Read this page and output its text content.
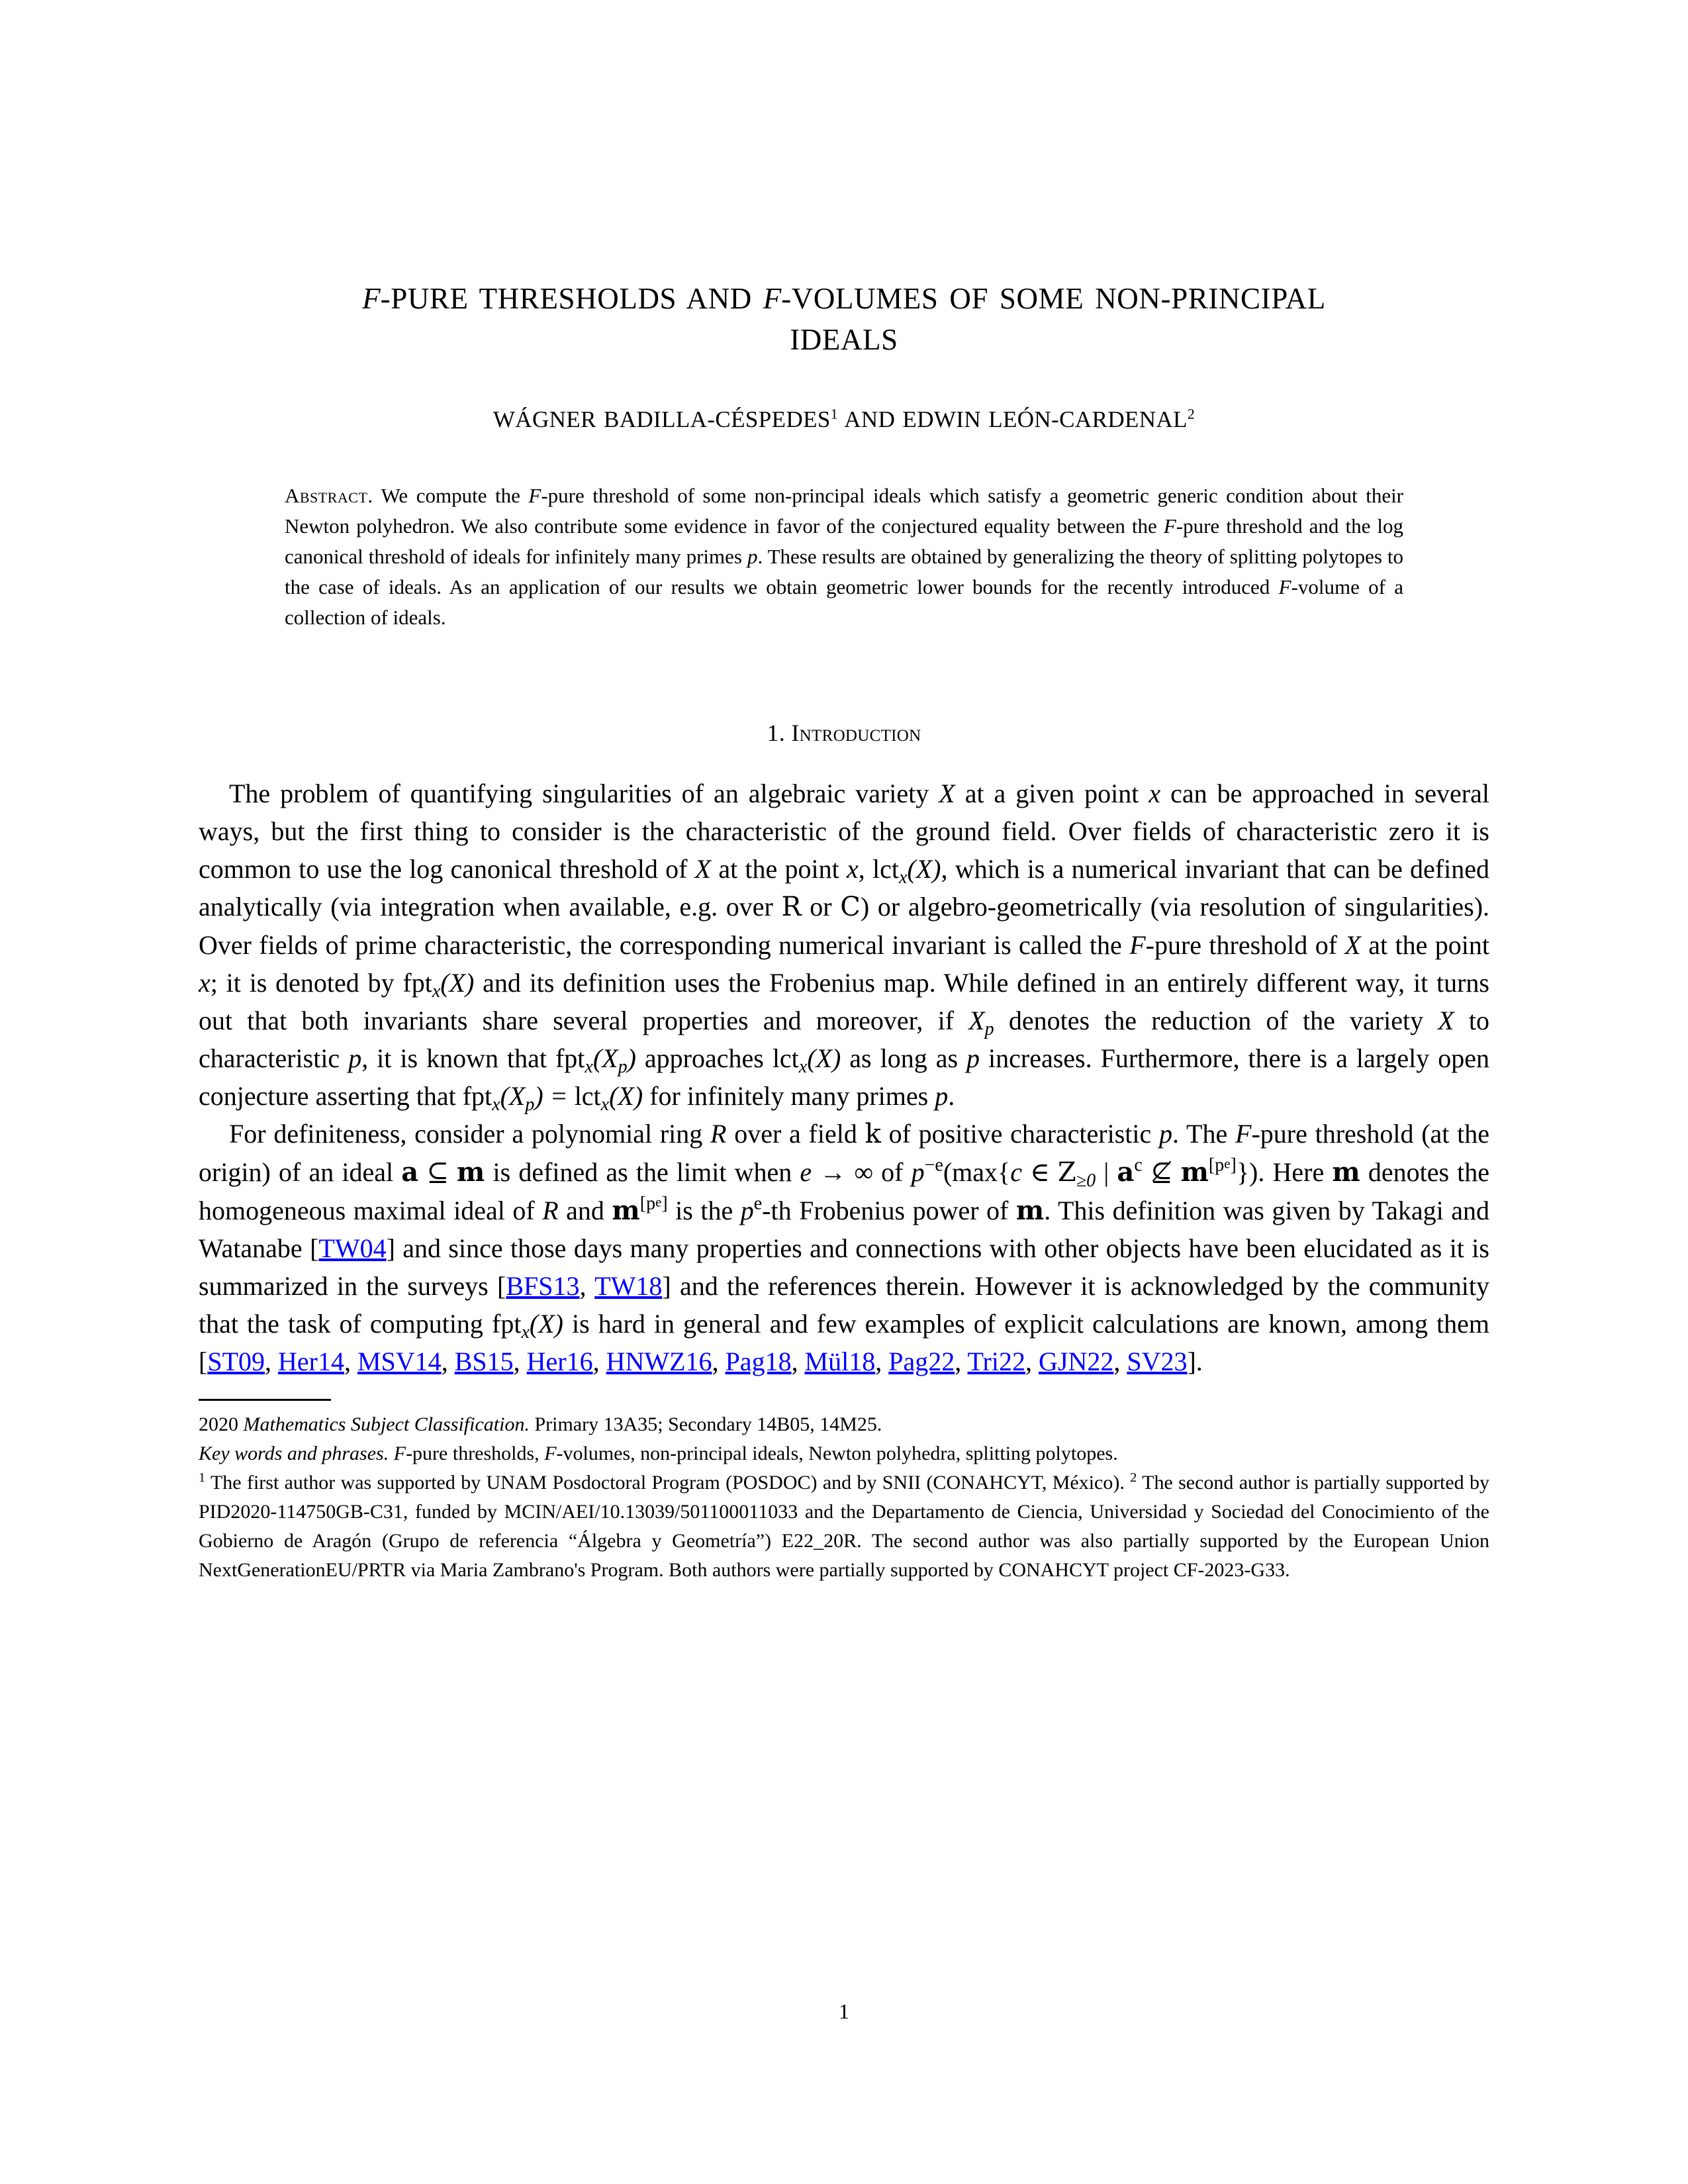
F-PURE THRESHOLDS AND F-VOLUMES OF SOME NON-PRINCIPAL
IDEALS
WÁGNER BADILLA-CÉSPEDES$^1$ AND EDWIN LEÓN-CARDENAL$^2$
Abstract. We compute the F-pure threshold of some non-principal ideals which satisfy a geometric generic condition about their Newton polyhedron. We also contribute some evidence in favor of the conjectured equality between the F-pure threshold and the log canonical threshold of ideals for infinitely many primes p. These results are obtained by generalizing the theory of splitting polytopes to the case of ideals. As an application of our results we obtain geometric lower bounds for the recently introduced F-volume of a collection of ideals.
1. Introduction

The problem of quantifying singularities of an algebraic variety X at a given point x can be approached in several ways, but the first thing to consider is the characteristic of the ground field. Over fields of characteristic zero it is common to use the log canonical threshold of X at the point x, lct$_x$(X), which is a numerical invariant that can be defined analytically (via integration when available, e.g. over R or C) or algebro-geometrically (via resolution of singularities). Over fields of prime characteristic, the corresponding numerical invariant is called the F-pure threshold of X at the point x; it is denoted by fpt$_x$(X) and its definition uses the Frobenius map. While defined in an entirely different way, it turns out that both invariants share several properties and moreover, if $X_p$ denotes the reduction of the variety X to characteristic p, it is known that $fpt_x(X_p)$ approaches lct$_x$(X) as long as p increases. Furthermore, there is a largely open conjecture asserting that $fpt_x(X_p) = lct_x(X)$ for infinitely many primes p.

For definiteness, consider a polynomial ring R over a field k of positive characteristic p. The F-pure threshold (at the origin) of an ideal a ⊆ m is defined as the limit when e → ∞ of $p^{-e}(\max\{c$ ∈ $Z_{\ge 0}$ | $a^c$ ⊈ m[pe]}). Here m denotes the homogeneous maximal ideal of R and m[pe] is the $p^e-th$ Frobenius power of m. This definition was given by Takagi and Watanabe [TW04] and since those days many properties and connections with other objects have been elucidated as it is summarized in the surveys [BFS13, TW18] and the references therein. However it is acknowledged by the community that the task of computing fpt$_x$(X) is hard in general and few examples of explicit calculations are known, among them [ST09, Her14, MSV14, BS15, Her16, HNWZ16, Pag18, Mül18, Pag22, Tri22, GJN22, SV23].

2020 Mathematics Subject Classification. Primary 13A35; Secondary 14B05, 14M25.

Key words and phrases. F-pure thresholds, F-volumes, non-principal ideals, Newton polyhedra, splitting polytopes.

$^1$ The first author was supported by UNAM Posdoctoral Program (POSDOC) and by SNII (CONAHCYT, México). $^2$ The second author is partially supported by PID2020-114750GB-C31, funded by MCIN/AEI/10.13039/501100011033 and the Departamento de Ciencia, Universidad y Sociedad del Conocimiento of the Gobierno de Aragón (Grupo de referencia “Álgebra y Geometría”) E22_20R. The second author was also partially supported by the European Union NextGenerationEU/PRTR via Maria Zambrano's Program. Both authors were partially supported by CONAHCYT project CF-2023-G33.

1
